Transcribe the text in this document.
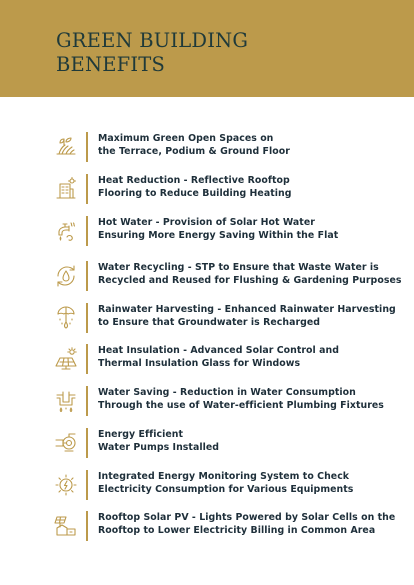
GREEN BUILDING
BENEFITS
Maximum Green Open Spaces on
the Terrace, Podium & Ground Floor
Heat Reduction - Reflective Rooftop
Flooring to Reduce Building Heating
Hot Water - Provision of Solar Hot Water
Ensuring More Energy Saving Within the Flat
Water Recycling - STP to Ensure that Waste Water is
Recycled and Reused for Flushing & Gardening Purposes
Rainwater Harvesting - Enhanced Rainwater Harvesting
to Ensure that Groundwater is Recharged
Heat Insulation - Advanced Solar Control and
Thermal Insulation Glass for Windows
Water Saving - Reduction in Water Consumption
Through the use of Water-efficient Plumbing Fixtures
Energy Efficient
Water Pumps Installed
Integrated Energy Monitoring System to Check
Electricity Consumption for Various Equipments
Rooftop Solar PV - Lights Powered by Solar Cells on the
Rooftop to Lower Electricity Billing in Common Area
